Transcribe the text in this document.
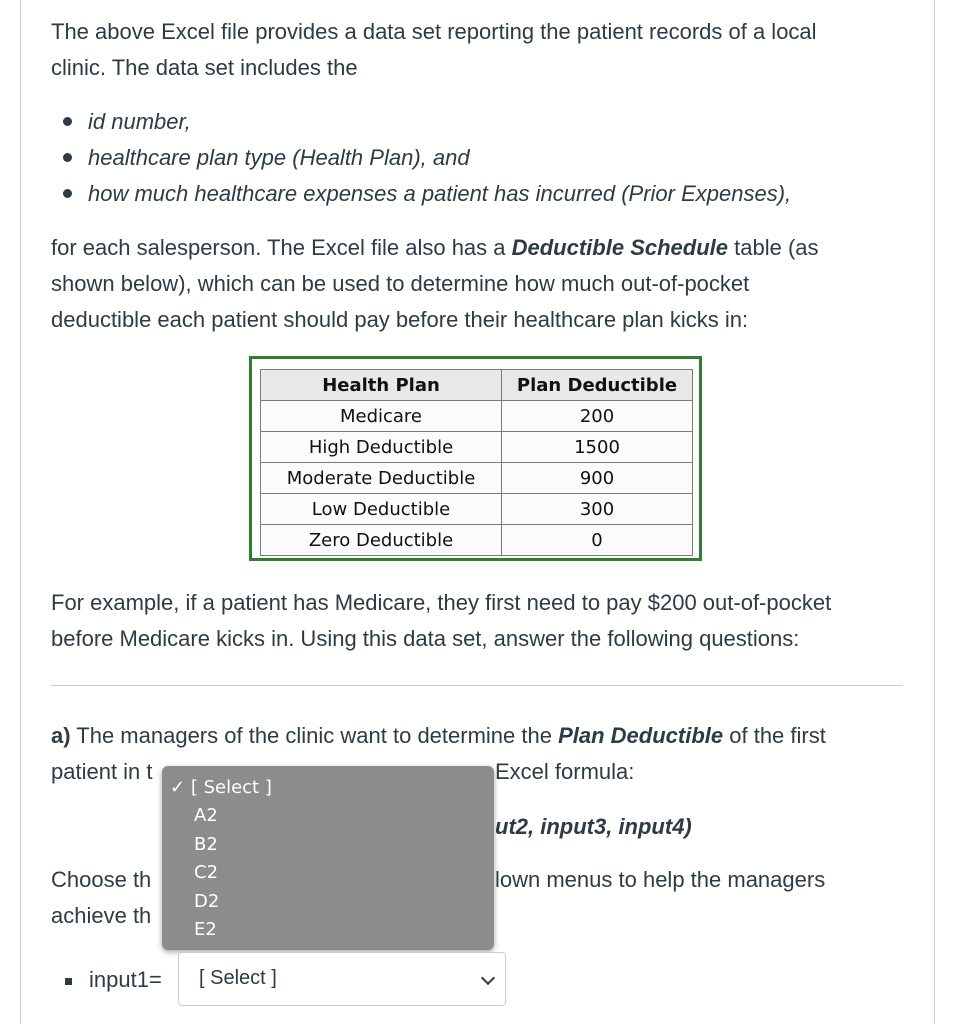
The above Excel file provides a data set reporting the patient records of a local
clinic. The data set includes the

id number,
healthcare plan type (Health Plan), and
how much healthcare expenses a patient has incurred (Prior Expenses),

for each salesperson. The Excel file also has a Deductible Schedule table (as
shown below), which can be used to determine how much out-of-pocket
deductible each patient should pay before their healthcare plan kicks in:

Health Plan	Plan Deductible
Medicare	200
High Deductible	1500
Moderate Deductible	900
Low Deductible	300
Zero Deductible	0

For example, if a patient has Medicare, they first need to pay $200 out-of-pocket
before Medicare kicks in. Using this data set, answer the following questions:

a) The managers of the clinic want to determine the Plan Deductible of the first

patient in t	Excel formula:
ut2, input3, input4)
Choose th	lown menus to help the managers
achieve th
✓ [ Select ]
A2
B2
C2
D2
E2
input1= [ Select ]
